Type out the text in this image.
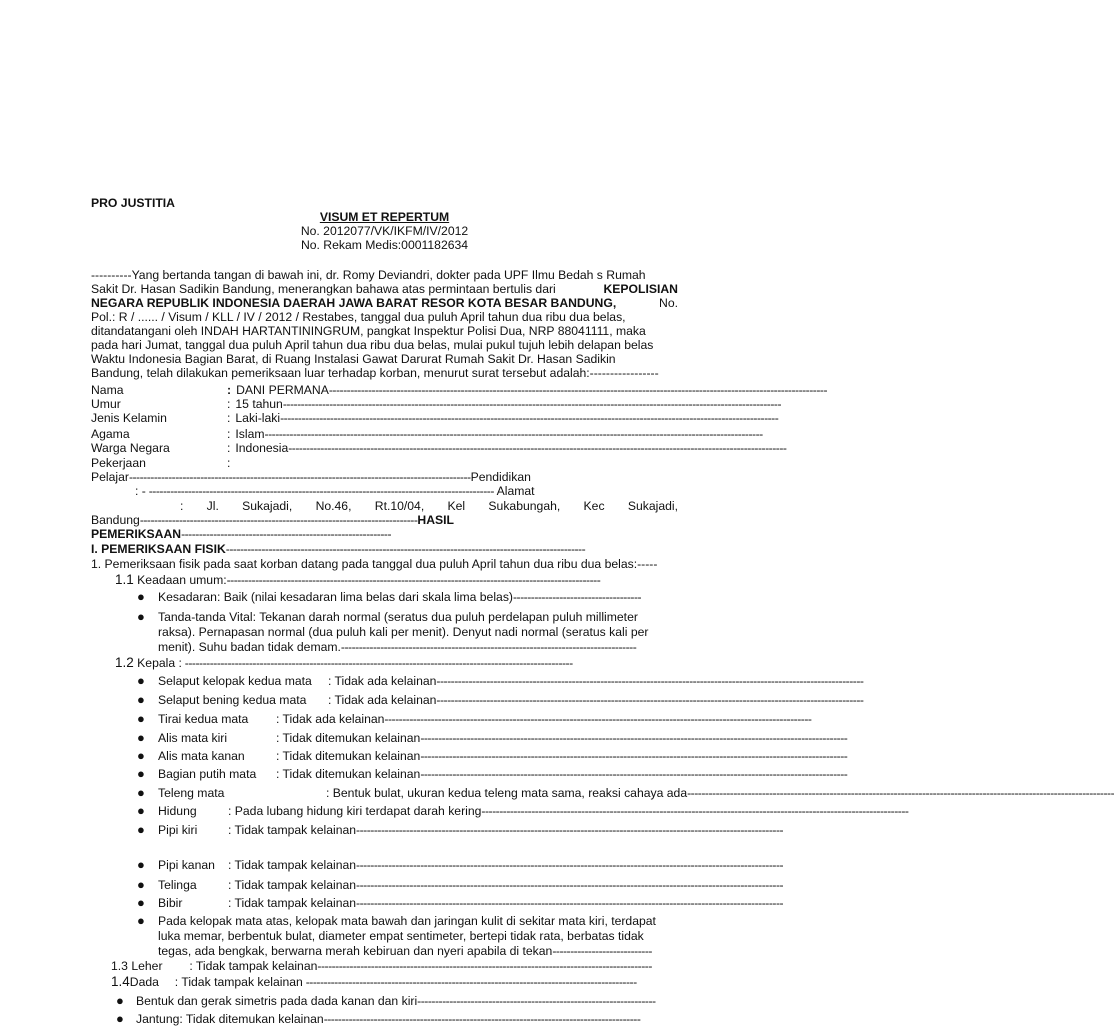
PRO JUSTITIA
VISUM ET REPERTUM
No. 2012077/VK/IKFM/IV/2012
No. Rekam Medis:0001182634
----------Yang bertanda tangan di bawah ini, dr. Romy Deviandri, dokter pada UPF Ilmu Bedah s Rumah
Sakit Dr. Hasan Sadikin Bandung, menerangkan bahawa atas permintaan bertulis dari	KEPOLISIAN
NEGARA REPUBLIK INDONESIA DAERAH JAWA BARAT RESOR KOTA BESAR BANDUNG,	No.
Pol.: R / ...... / Visum / KLL / IV / 2012 / Restabes, tanggal dua puluh April tahun dua ribu dua belas,
ditandatangani oleh INDAH HARTANTININGRUM, pangkat Inspektur Polisi Dua, NRP 88041111, maka
pada hari Jumat, tanggal dua puluh April tahun dua ribu dua belas, mulai pukul tujuh lebih delapan belas
Waktu Indonesia Bagian Barat, di Ruang Instalasi Gawat Darurat Rumah Sakit Dr. Hasan Sadikin
Bandung, telah dilakukan pemeriksaan luar terhadap korban, menurut surat tersebut adalah:-----------------
Nama	: DANI PERMANA--------------------------------------------------------------------------------------------------------------------------------------------
Umur	: 15 tahun--------------------------------------------------------------------------------------------------------------------------------------------
Jenis Kelamin	: Laki-laki--------------------------------------------------------------------------------------------------------------------------------------------
Agama	: Islam--------------------------------------------------------------------------------------------------------------------------------------------
Warga Negara	: Indonesia--------------------------------------------------------------------------------------------------------------------------------------------
Pekerjaan	:
Pelajar------------------------------------------------------------------------------------------------Pendidikan
: - ------------------------------------------------------------------------------------------------- Alamat
: Jl. Sukajadi, No.46, Rt.10/04, Kel Sukabungah, Kec Sukajadi,
Bandung------------------------------------------------------------------------------HASIL
PEMERIKSAAN-----------------------------------------------------------
I. PEMERIKSAAN FISIK-----------------------------------------------------------------------------------------------------
1. Pemeriksaan fisik pada saat korban datang pada tanggal dua puluh April tahun dua ribu dua belas:-----
1.1 Keadaan umum:---------------------------------------------------------------------------------------------------------
● Kesadaran: Baik (nilai kesadaran lima belas dari skala lima belas)------------------------------------
● Tanda-tanda Vital: Tekanan darah normal (seratus dua puluh perdelapan puluh millimeter
raksa). Pernapasan normal (dua puluh kali per menit). Denyut nadi normal (seratus kali per
menit). Suhu badan tidak demam.-----------------------------------------------------------------------------------
1.2 Kepala : -------------------------------------------------------------------------------------------------------------
● Selaput kelopak kedua mata : Tidak ada kelainan------------------------------------------------------------------------------------------------------------------------
● Selaput bening kedua mata : Tidak ada kelainan------------------------------------------------------------------------------------------------------------------------
● Tirai kedua mata : Tidak ada kelainan------------------------------------------------------------------------------------------------------------------------
● Alis mata kiri	: Tidak ditemukan kelainan------------------------------------------------------------------------------------------------------------------------
● Alis mata kanan	: Tidak ditemukan kelainan------------------------------------------------------------------------------------------------------------------------
● Bagian putih mata : Tidak ditemukan kelainan------------------------------------------------------------------------------------------------------------------------
● Teleng mata	: Bentuk bulat, ukuran kedua teleng mata sama, reaksi cahaya ada------------------------------------------------------------------------------------------------------------------------
● Hidung	: Pada lubang hidung kiri terdapat darah kering------------------------------------------------------------------------------------------------------------------------
● Pipi kiri	: Tidak tampak kelainan------------------------------------------------------------------------------------------------------------------------
● Pipi kanan : Tidak tampak kelainan------------------------------------------------------------------------------------------------------------------------
● Telinga	: Tidak tampak kelainan------------------------------------------------------------------------------------------------------------------------
● Bibir	: Tidak tampak kelainan------------------------------------------------------------------------------------------------------------------------
● Pada kelopak mata atas, kelopak mata bawah dan jaringan kulit di sekitar mata kiri, terdapat
luka memar, berbentuk bulat, diameter empat sentimeter, bertepi tidak rata, berbatas tidak
tegas, ada bengkak, berwarna merah kebiruan dan nyeri apabila di tekan----------------------------
1.3 Leher : Tidak tampak kelainan----------------------------------------------------------------------------------------------
1.4Dada : Tidak tampak kelainan ---------------------------------------------------------------------------------------------
● Bentuk dan gerak simetris pada dada kanan dan kiri-------------------------------------------------------------------
● Jantung: Tidak ditemukan kelainan-----------------------------------------------------------------------------------------
